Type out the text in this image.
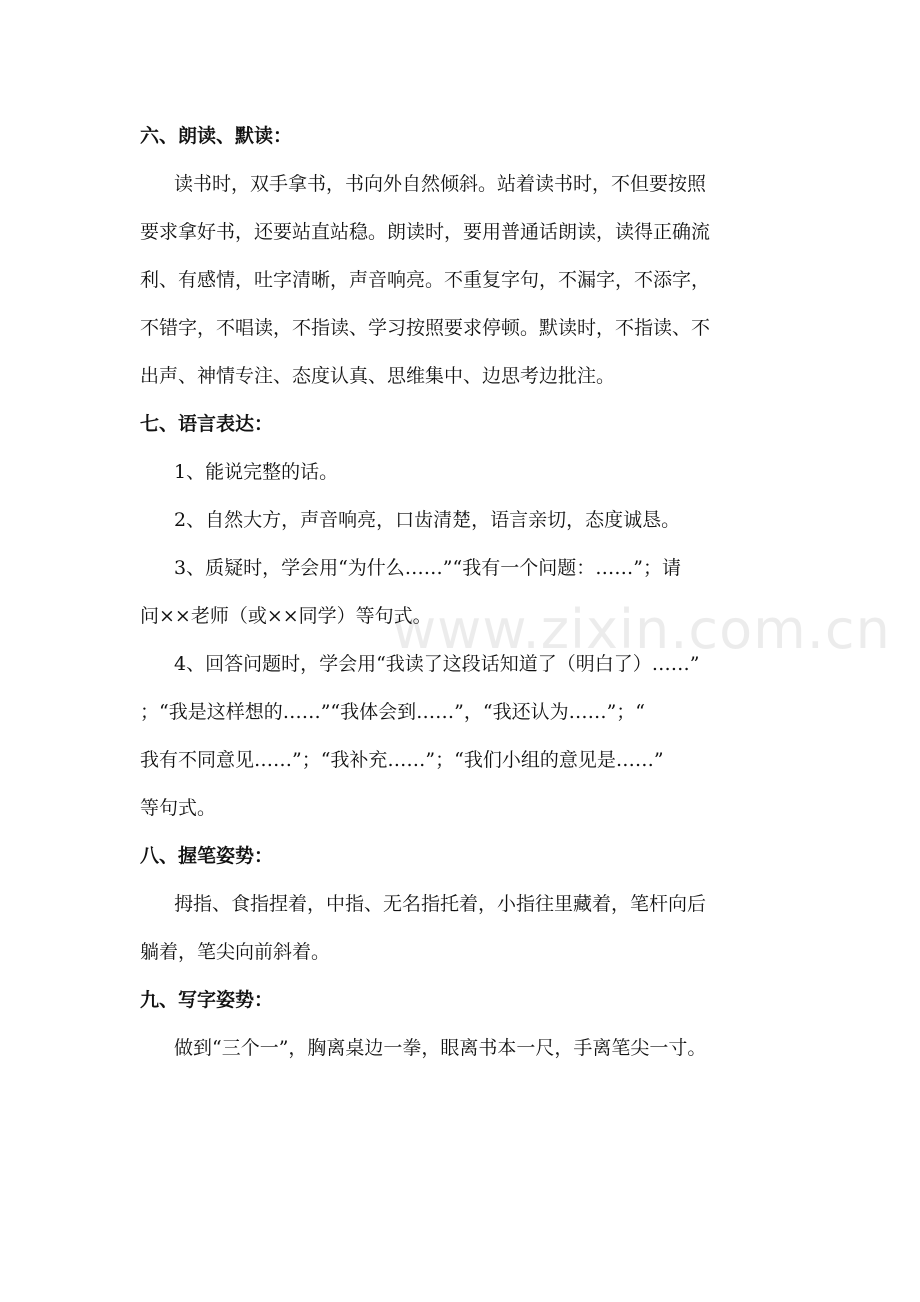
www.zixin.com.cn

六、朗读、默读：

读书时，双手拿书，书向外自然倾斜。站着读书时，不但要按照

要求拿好书，还要站直站稳。朗读时，要用普通话朗读，读得正确流

利、有感情，吐字清晰，声音响亮。不重复字句，不漏字，不添字，

不错字，不唱读，不指读、学习按照要求停顿。默读时，不指读、不

出声、神情专注、态度认真、思维集中、边思考边批注。

七、语言表达：

1、能说完整的话。

2、自然大方，声音响亮，口齿清楚，语言亲切，态度诚恳。

3、质疑时，学会用“为什么……”“我有一个问题：……”；请

问××老师（或××同学）等句式。

4、回答问题时，学会用“我读了这段话知道了（明白了）……”

；“我是这样想的……”“我体会到……”，“我还认为……”；“

我有不同意见……”；“我补充……”；“我们小组的意见是……”

等句式。

八、握笔姿势：

拇指、食指捏着，中指、无名指托着，小指往里藏着，笔杆向后

躺着，笔尖向前斜着。

九、写字姿势：

做到“三个一”，胸离桌边一拳，眼离书本一尺，手离笔尖一寸。
